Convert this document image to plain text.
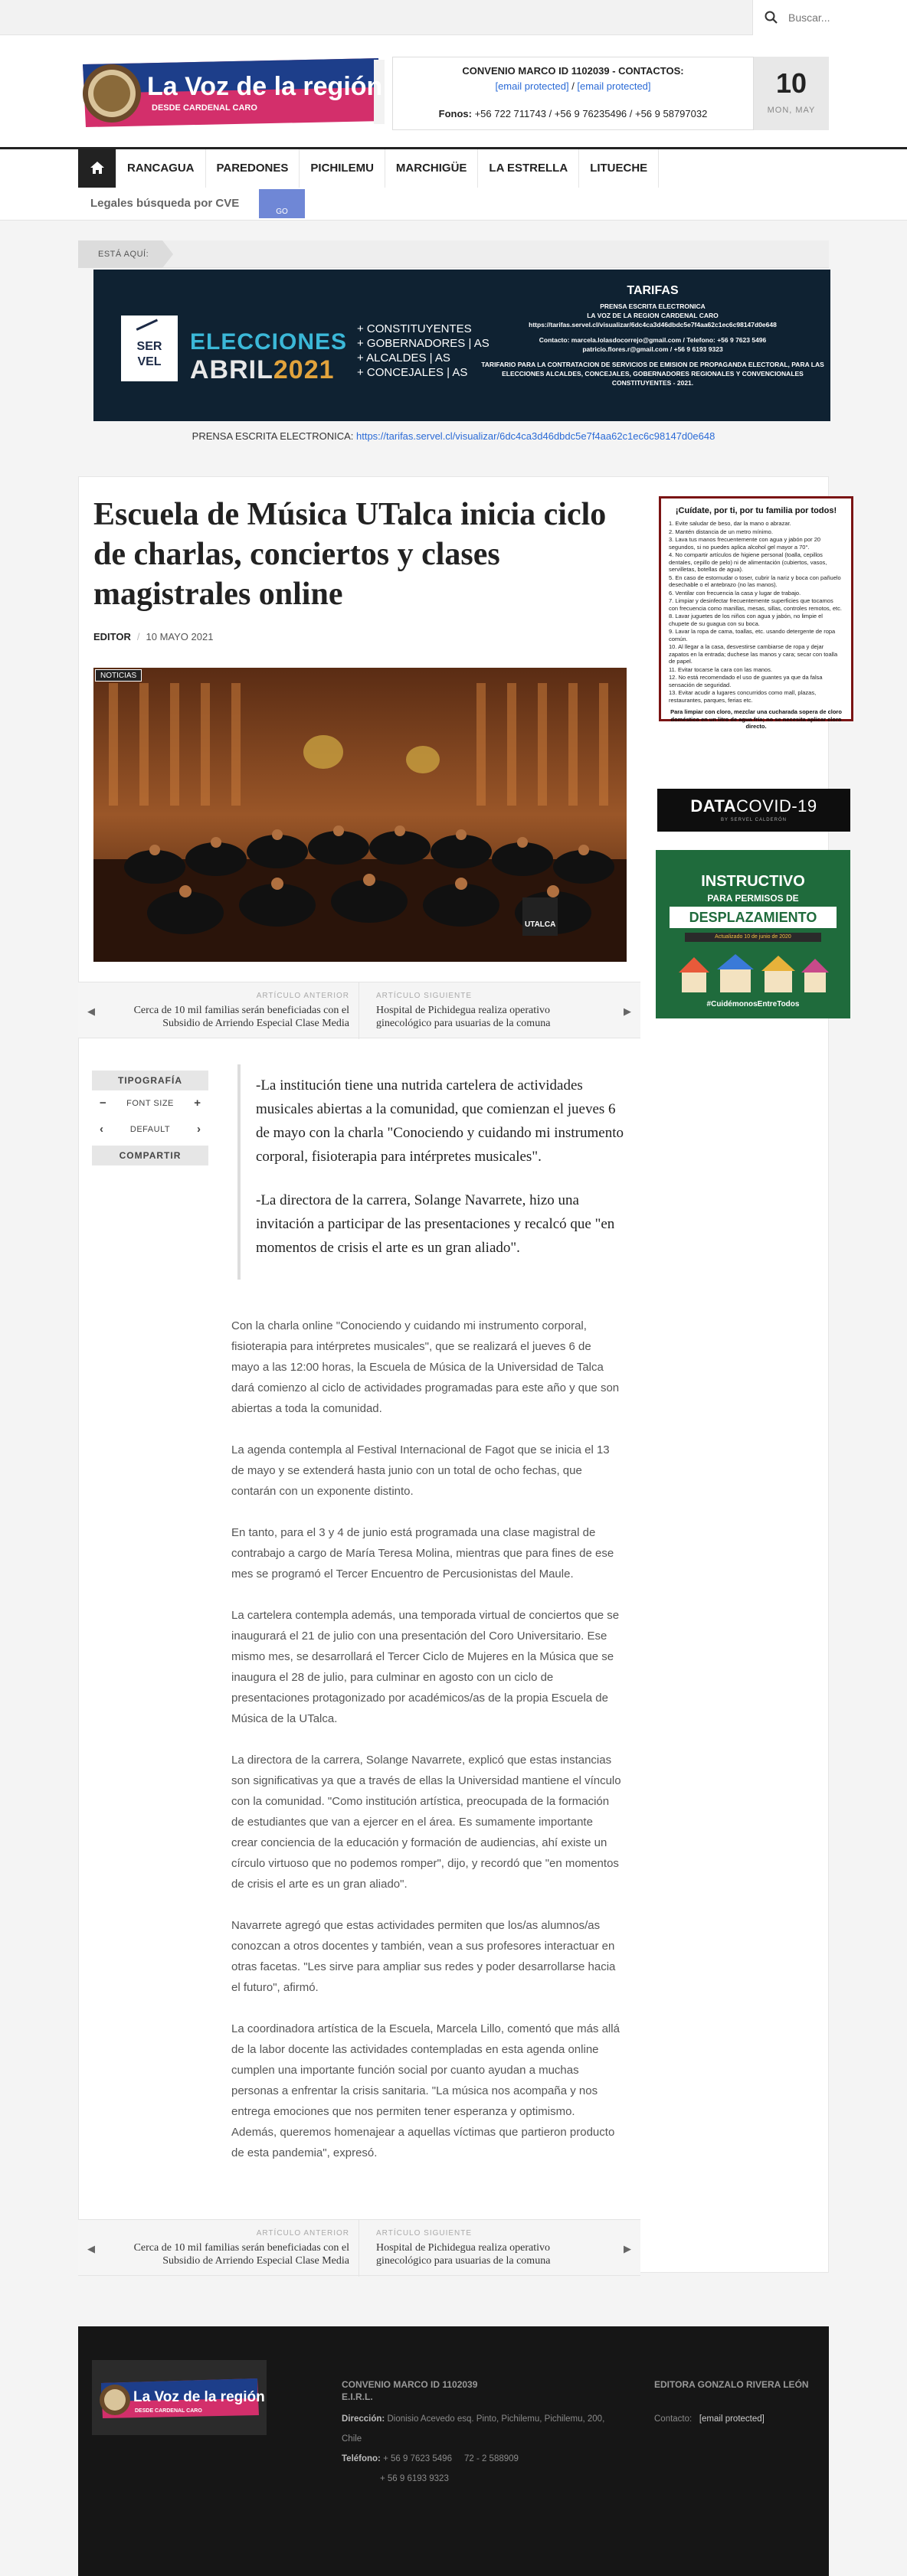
Buscar...
La Voz de la región
DESDE CARDENAL CARO
CONVENIO MARCO ID 1102039 - CONTACTOS:
[email protected] / [email protected]
Fonos: +56 722 711743 / +56 9 76235496 / +56 9 58797032
10
MON, MAY
RANCAGUA	PAREDONES	PICHILEMU	MARCHIGÜE	LA ESTRELLA	LITUECHE
Legales búsqueda por CVE
GO
ESTÁ AQUÍ:
SER
VEL
ELECCIONES
ABRIL2021
+ CONSTITUYENTES
+ GOBERNADORES | AS
+ ALCALDES | AS
+ CONCEJALES | AS
TARIFAS
PRENSA ESCRITA ELECTRONICA
LA VOZ DE LA REGION CARDENAL CARO
https://tarifas.servel.cl/visualizar/6dc4ca3d46dbdc5e7f4aa62c1ec6c98147d0e648
Contacto: marcela.lolasdocorrejo@gmail.com / Telefono: +56 9 7623 5496
patricio.flores.r@gmail.com / +56 9 6193 9323
TARIFARIO PARA LA CONTRATACION DE SERVICIOS DE EMISION DE PROPAGANDA ELECTORAL, PARA LAS ELECCIONES ALCALDES, CONCEJALES, GOBERNADORES REGIONALES Y CONVENCIONALES CONSTITUYENTES - 2021.
PRENSA ESCRITA ELECTRONICA: https://tarifas.servel.cl/visualizar/6dc4ca3d46dbdc5e7f4aa62c1ec6c98147d0e648
Escuela de Música UTalca inicia ciclo de charlas, conciertos y clases magistrales online
EDITOR / 10 MAYO 2021
UTALCA
NOTICIAS
◀
ARTÍCULO ANTERIOR
Cerca de 10 mil familias serán beneficiadas con el Subsidio de Arriendo Especial Clase Media
ARTÍCULO SIGUIENTE
Hospital de Pichidegua realiza operativo ginecológico para usuarias de la comuna
▶
TIPOGRAFÍA
−	FONT SIZE	+
‹	DEFAULT	›
COMPARTIR

-La institución tiene una nutrida cartelera de actividades musicales abiertas a la comunidad, que comienzan el jueves 6 de mayo con la charla "Conociendo y cuidando mi instrumento corporal, fisioterapia para intérpretes musicales".

-La directora de la carrera, Solange Navarrete, hizo una invitación a participar de las presentaciones y recalcó que "en momentos de crisis el arte es un gran aliado".

Con la charla online "Conociendo y cuidando mi instrumento corporal, fisioterapia para intérpretes musicales", que se realizará el jueves 6 de mayo a las 12:00 horas, la Escuela de Música de la Universidad de Talca dará comienzo al ciclo de actividades programadas para este año y que son abiertas a toda la comunidad.

La agenda contempla al Festival Internacional de Fagot que se inicia el 13 de mayo y se extenderá hasta junio con un total de ocho fechas, que contarán con un exponente distinto.

En tanto, para el 3 y 4 de junio está programada una clase magistral de contrabajo a cargo de María Teresa Molina, mientras que para fines de ese mes se programó el Tercer Encuentro de Percusionistas del Maule.

La cartelera contempla además, una temporada virtual de conciertos que se inaugurará el 21 de julio con una presentación del Coro Universitario. Ese mismo mes, se desarrollará el Tercer Ciclo de Mujeres en la Música que se inaugura el 28 de julio, para culminar en agosto con un ciclo de presentaciones protagonizado por académicos/as de la propia Escuela de Música de la UTalca.

La directora de la carrera, Solange Navarrete, explicó que estas instancias son significativas ya que a través de ellas la Universidad mantiene el vínculo con la comunidad. "Como institución artística, preocupada de la formación de estudiantes que van a ejercer en el área. Es sumamente importante crear conciencia de la educación y formación de audiencias, ahí existe un círculo virtuoso que no podemos romper", dijo, y recordó que "en momentos de crisis el arte es un gran aliado".

Navarrete agregó que estas actividades permiten que los/as alumnos/as conozcan a otros docentes y también, vean a sus profesores interactuar en otras facetas. "Les sirve para ampliar sus redes y poder desarrollarse hacia el futuro", afirmó.

La coordinadora artística de la Escuela, Marcela Lillo, comentó que más allá de la labor docente las actividades contempladas en esta agenda online cumplen una importante función social por cuanto ayudan a muchas personas a enfrentar la crisis sanitaria. "La música nos acompaña y nos entrega emociones que nos permiten tener esperanza y optimismo. Además, queremos homenajear a aquellas víctimas que partieron producto de esta pandemia", expresó.

◀
ARTÍCULO ANTERIOR
Cerca de 10 mil familias serán beneficiadas con el Subsidio de Arriendo Especial Clase Media
ARTÍCULO SIGUIENTE
Hospital de Pichidegua realiza operativo ginecológico para usuarias de la comuna
▶
¡Cuídate, por ti, por tu familia por todos!
1. Evite saludar de beso, dar la mano o abrazar.
2. Mantén distancia de un metro mínimo.
3. Lava tus manos frecuentemente con agua y jabón por 20 segundos, si no puedes aplica alcohol gel mayor a 70°.
4. No compartir artículos de higiene personal (toalla, cepillos dentales, cepillo de pelo) ni de alimentación (cubiertos, vasos, servilletas, botellas de agua).
5. En caso de estornudar o toser, cubrir la nariz y boca con pañuelo desechable o el antebrazo (no las manos).
6. Ventilar con frecuencia la casa y lugar de trabajo.
7. Limpiar y desinfectar frecuentemente superficies que tocamos con frecuencia como manillas, mesas, sillas, controles remotos, etc.
8. Lavar juguetes de los niños con agua y jabón, no limpie el chupete de su guagua con su boca.
9. Lavar la ropa de cama, toallas, etc. usando detergente de ropa común.
10. Al llegar a la casa, desvestirse cambiarse de ropa y dejar zapatos en la entrada; duchese las manos y cara; secar con toalla de papel.
11. Evitar tocarse la cara con las manos.
12. No está recomendado el uso de guantes ya que da falsa sensación de seguridad.
13. Evitar acudir a lugares concurridos como mall, plazas, restaurantes, parques, ferias etc.
Para limpiar con cloro, mezclar una cucharada sopera de cloro doméstico en un litro de agua fría; no se necesita aplicar cloro directo.
DATACOVID-19
BY SERVEL CALDERÓN
INSTRUCTIVO
PARA PERMISOS DE
DESPLAZAMIENTO
Actualizado 10 de junio de 2020
#CuidémonosEntreTodos
La Voz de la región
DESDE CARDENAL CARO
CONVENIO MARCO ID 1102039
E.I.R.L.
Dirección: Dionisio Acevedo esq. Pinto, Pichilemu, Pichilemu, 200, Chile
Teléfono: + 56 9 7623 5496 72 - 2 588909
+ 56 9 6193 9323
EDITORA GONZALO RIVERA LEÓN
Contacto: [email protected]
